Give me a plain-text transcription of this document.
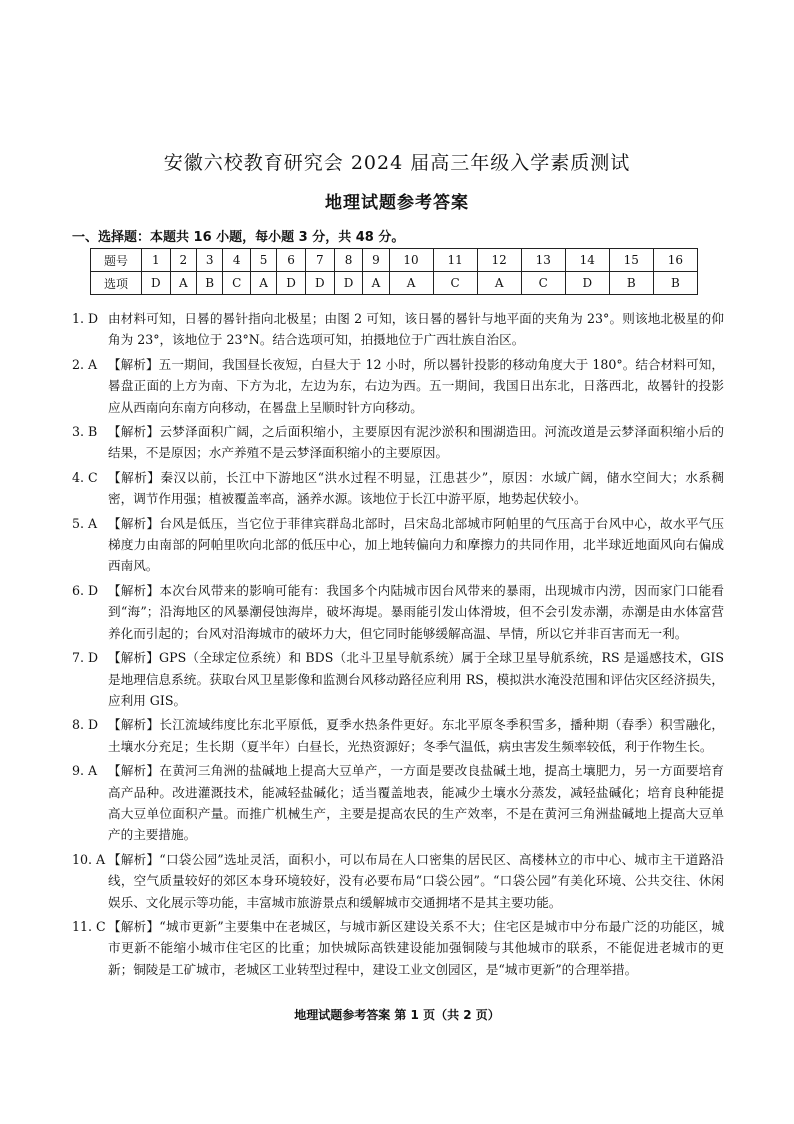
安徽六校教育研究会 2024 届高三年级入学素质测试
地理试题参考答案
一、选择题：本题共 16 小题，每小题 3 分，共 48 分。
题号	1	2	3	4	5	6	7	8	9	10	11	12	13	14	15	16
选项	D	A	B	C	A	D	D	D	A	A	C	A	C	D	B	B
1. D 由材料可知，日晷的晷针指向北极星；由图 2 可知，该日晷的晷针与地平面的夹角为 23°。则该地北极星的仰角为 23°，该地位于 23°N。结合选项可知，拍摄地位于广西壮族自治区。
2. A 【解析】五一期间，我国昼长夜短，白昼大于 12 小时，所以晷针投影的移动角度大于 180°。结合材料可知，晷盘正面的上方为南、下方为北，左边为东，右边为西。五一期间，我国日出东北，日落西北，故晷针的投影应从西南向东南方向移动，在晷盘上呈顺时针方向移动。
3. B 【解析】云梦泽面积广阔，之后面积缩小，主要原因有泥沙淤积和围湖造田。河流改道是云梦泽面积缩小后的结果，不是原因；水产养殖不是云梦泽面积缩小的主要原因。
4. C 【解析】秦汉以前，长江中下游地区“洪水过程不明显，江患甚少”，原因：水域广阔，储水空间大；水系稠密，调节作用强；植被覆盖率高，涵养水源。该地位于长江中游平原，地势起伏较小。
5. A 【解析】台风是低压，当它位于菲律宾群岛北部时，吕宋岛北部城市阿帕里的气压高于台风中心，故水平气压梯度力由南部的阿帕里吹向北部的低压中心，加上地转偏向力和摩擦力的共同作用，北半球近地面风向右偏成西南风。
6. D 【解析】本次台风带来的影响可能有：我国多个内陆城市因台风带来的暴雨，出现城市内涝，因而家门口能看到“海”；沿海地区的风暴潮侵蚀海岸，破坏海堤。暴雨能引发山体滑坡，但不会引发赤潮，赤潮是由水体富营养化而引起的；台风对沿海城市的破坏力大，但它同时能够缓解高温、旱情，所以它并非百害而无一利。
7. D 【解析】GPS（全球定位系统）和 BDS（北斗卫星导航系统）属于全球卫星导航系统，RS 是遥感技术，GIS 是地理信息系统。获取台风卫星影像和监测台风移动路径应利用 RS，模拟洪水淹没范围和评估灾区经济损失，应利用 GIS。
8. D 【解析】长江流域纬度比东北平原低，夏季水热条件更好。东北平原冬季积雪多，播种期（春季）积雪融化，土壤水分充足；生长期（夏半年）白昼长，光热资源好；冬季气温低，病虫害发生频率较低，利于作物生长。
9. A 【解析】在黄河三角洲的盐碱地上提高大豆单产，一方面是要改良盐碱土地，提高土壤肥力，另一方面要培育高产品种。改进灌溉技术，能减轻盐碱化；适当覆盖地表，能减少土壤水分蒸发，减轻盐碱化；培育良种能提高大豆单位面积产量。而推广机械生产，主要是提高农民的生产效率，不是在黄河三角洲盐碱地上提高大豆单产的主要措施。
10. A 【解析】“口袋公园”选址灵活，面积小，可以布局在人口密集的居民区、高楼林立的市中心、城市主干道路沿线，空气质量较好的郊区本身环境较好，没有必要布局“口袋公园”。“口袋公园”有美化环境、公共交往、休闲娱乐、文化展示等功能，丰富城市旅游景点和缓解城市交通拥堵不是其主要功能。
11. C 【解析】“城市更新”主要集中在老城区，与城市新区建设关系不大；住宅区是城市中分布最广泛的功能区，城市更新不能缩小城市住宅区的比重；加快城际高铁建设能加强铜陵与其他城市的联系，不能促进老城市的更新；铜陵是工矿城市，老城区工业转型过程中，建设工业文创园区，是“城市更新”的合理举措。
地理试题参考答案 第 1 页（共 2 页）
